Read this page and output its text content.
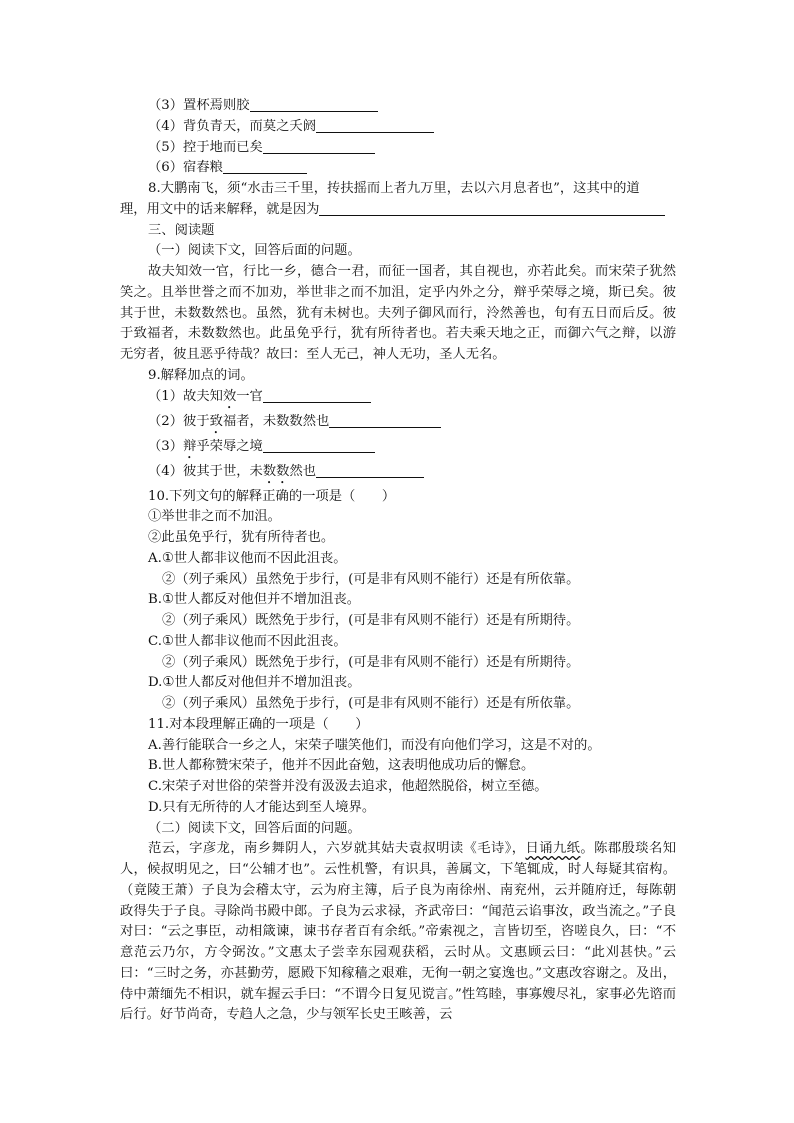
（3）置杯焉则胶
（4）背负青天，而莫之夭阏
（5）控于地而已矣
（6）宿舂粮
8.大鹏南飞，须“水击三千里，抟扶摇而上者九万里，去以六月息者也”，这其中的道
理，用文中的话来解释，就是因为
三、阅读题
（一）阅读下文，回答后面的问题。
故夫知效一官，行比一乡，德合一君，而征一国者，其自视也，亦若此矣。而宋荣子犹然笑之。且举世誉之而不加劝，举世非之而不加沮，定乎内外之分，辩乎荣辱之境，斯已矣。彼其于世，未数数然也。虽然，犹有未树也。夫列子御风而行，泠然善也，旬有五日而后反。彼于致福者，未数数然也。此虽免乎行，犹有所待者也。若夫乘天地之正，而御六气之辩，以游无穷者，彼且恶乎待哉？故曰：至人无己，神人无功，圣人无名。
9.解释加点的词。
（1）故夫知效一官
（2）彼于致福者，未数数然也
（3）辩乎荣辱之境
（4）彼其于世，未数数然也
10.下列文句的解释正确的一项是（　　）
①举世非之而不加沮。
②此虽免乎行，犹有所待者也。
A.①世人都非议他而不因此沮丧。
②（列子乘风）虽然免于步行，(可是非有风则不能行）还是有所依靠。
B.①世人都反对他但并不增加沮丧。
②（列子乘风）既然免于步行，(可是非有风则不能行）还是有所期待。
C.①世人都非议他而不因此沮丧。
②（列子乘风）既然免于步行，(可是非有风则不能行）还是有所期待。
D.①世人都反对他但并不增加沮丧。
②（列子乘风）虽然免于步行，(可是非有风则不能行）还是有所依靠。
11.对本段理解正确的一项是（　　）
A.善行能联合一乡之人，宋荣子嗤笑他们，而没有向他们学习，这是不对的。
B.世人都称赞宋荣子，他并不因此奋勉，这表明他成功后的懈怠。
C.宋荣子对世俗的荣誉并没有汲汲去追求，他超然脱俗，树立至德。
D.只有无所待的人才能达到至人境界。
（二）阅读下文，回答后面的问题。
范云，字彦龙，南乡舞阴人，六岁就其姑夫袁叔明读《毛诗》，日诵九纸。陈郡殷琰名知人，候叔明见之，曰“公辅才也”。云性机警，有识具，善属文，下笔辄成，时人每疑其宿构。（竟陵王萧）子良为会稽太守，云为府主簿，后子良为南徐州、南兖州，云并随府迁，每陈朝政得失于子良。寻除尚书殿中郎。子良为云求禄，齐武帝曰：“闻范云谄事汝，政当流之。”子良对曰：“云之事臣，动相箴谏，谏书存者百有余纸。”帝索视之，言皆切至，咨嗟良久，曰：“不意范云乃尔，方令弼汝。”文惠太子尝幸东园观获稻，云时从。文惠顾云曰：“此刈甚快。”云曰：“三时之务，亦甚勤劳，愿殿下知稼穑之艰难，无徇一朝之宴逸也。”文惠改容谢之。及出，侍中萧缅先不相识，就车握云手曰：“不谓今日复见谠言。”性笃睦，事寡嫂尽礼，家事必先谘而后行。好节尚奇，专趋人之急，少与领军长史王畡善，云
